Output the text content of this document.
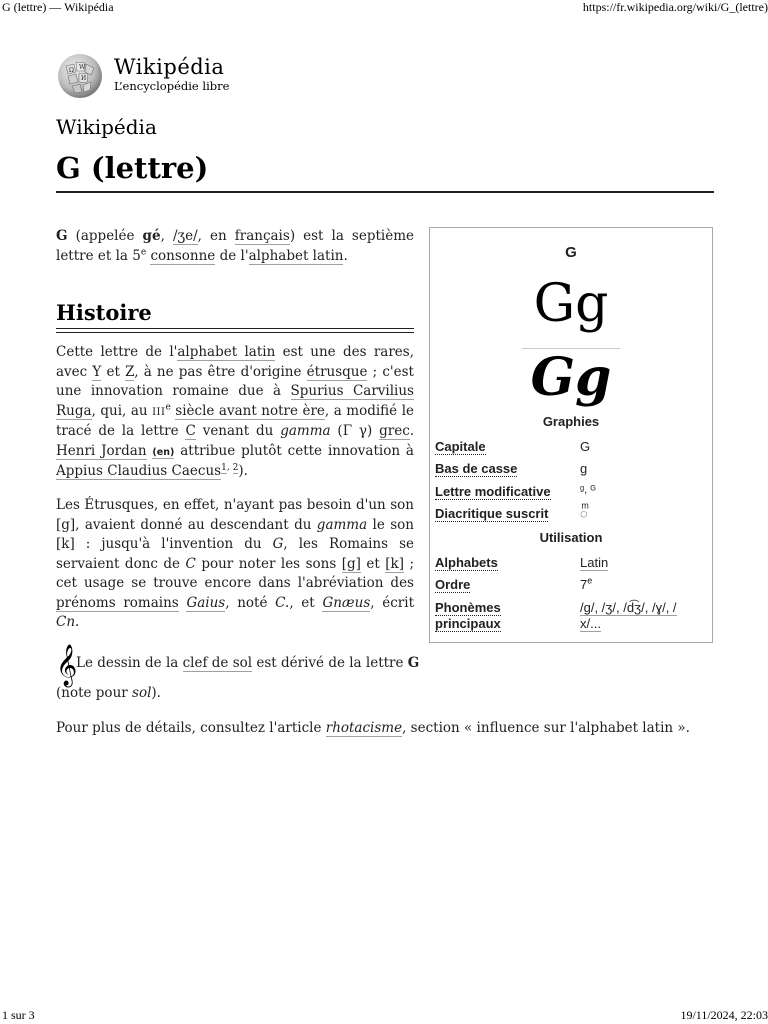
G (lettre) — Wikipédia	https://fr.wikipedia.org/wiki/G_(lettre)
Ω W
И Wikipédia
L’encyclopédie libre
Wikipédia
G (lettre)

G (appelée gé, /ʒe/, en français) est la septième lettre et la 5e consonne de l'alphabet latin.

Histoire

Cette lettre de l'alphabet latin est une des rares, avec Y et Z, à ne pas être d'origine étrusque ; c'est une innovation romaine due à Spurius Carvilius Ruga, qui, au IIIe siècle avant notre ère, a modifié le tracé de la lettre C venant du gamma (Γ γ) grec. Henri Jordan (en) attribue plutôt cette innovation à Appius Claudius Caecus$^{1, 2}$).

Les Étrusques, en effet, n'ayant pas besoin d'un son [g], avaient donné au descendant du gamma le son [k] : jusqu'à l'invention du G, les Romains se servaient donc de C pour noter les sons [g] et [k] ; cet usage se trouve encore dans l'abréviation des prénoms romains Gaius, noté C., et Gnæus, écrit Cn.

𝄞
Le dessin de la clef de sol est dérivé de la lettre G
(note pour sol).
Pour plus de détails, consultez l'article rhotacisme, section « influence sur l'alphabet latin ».
G
Gg
Gg
Graphies
Capitale	G
Bas de casse	g
Lettre modificative	ᵍ, ᴳ
Diacritique suscrit ◌ͫ
Utilisation
Alphabets	Latin
Ordre	7e
Phonèmes principaux
/ɡ/, /ʒ/, /d͡ʒ/, /ɣ/, /
x/...
1 sur 3	19/11/2024, 22:03
